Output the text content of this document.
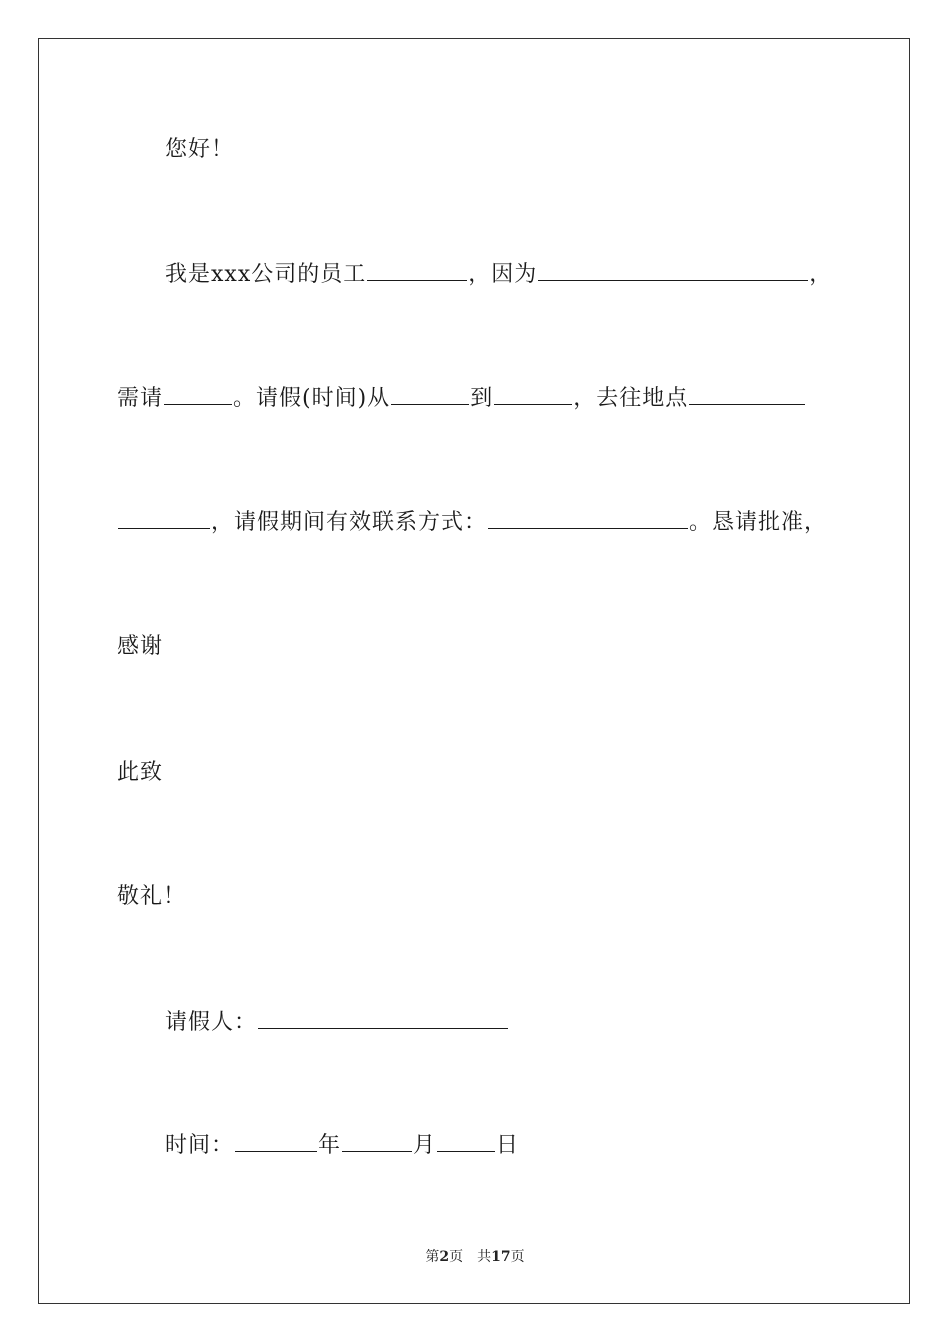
您好！
我是xxx公司的员工	，因为	，
需请	。请假(时间)从	到	，去往地点
，请假期间有效联系方式：	。恳请批准，
感谢
此致
敬礼！
请假人：
时间：	年	月	日
第2页 共17页
